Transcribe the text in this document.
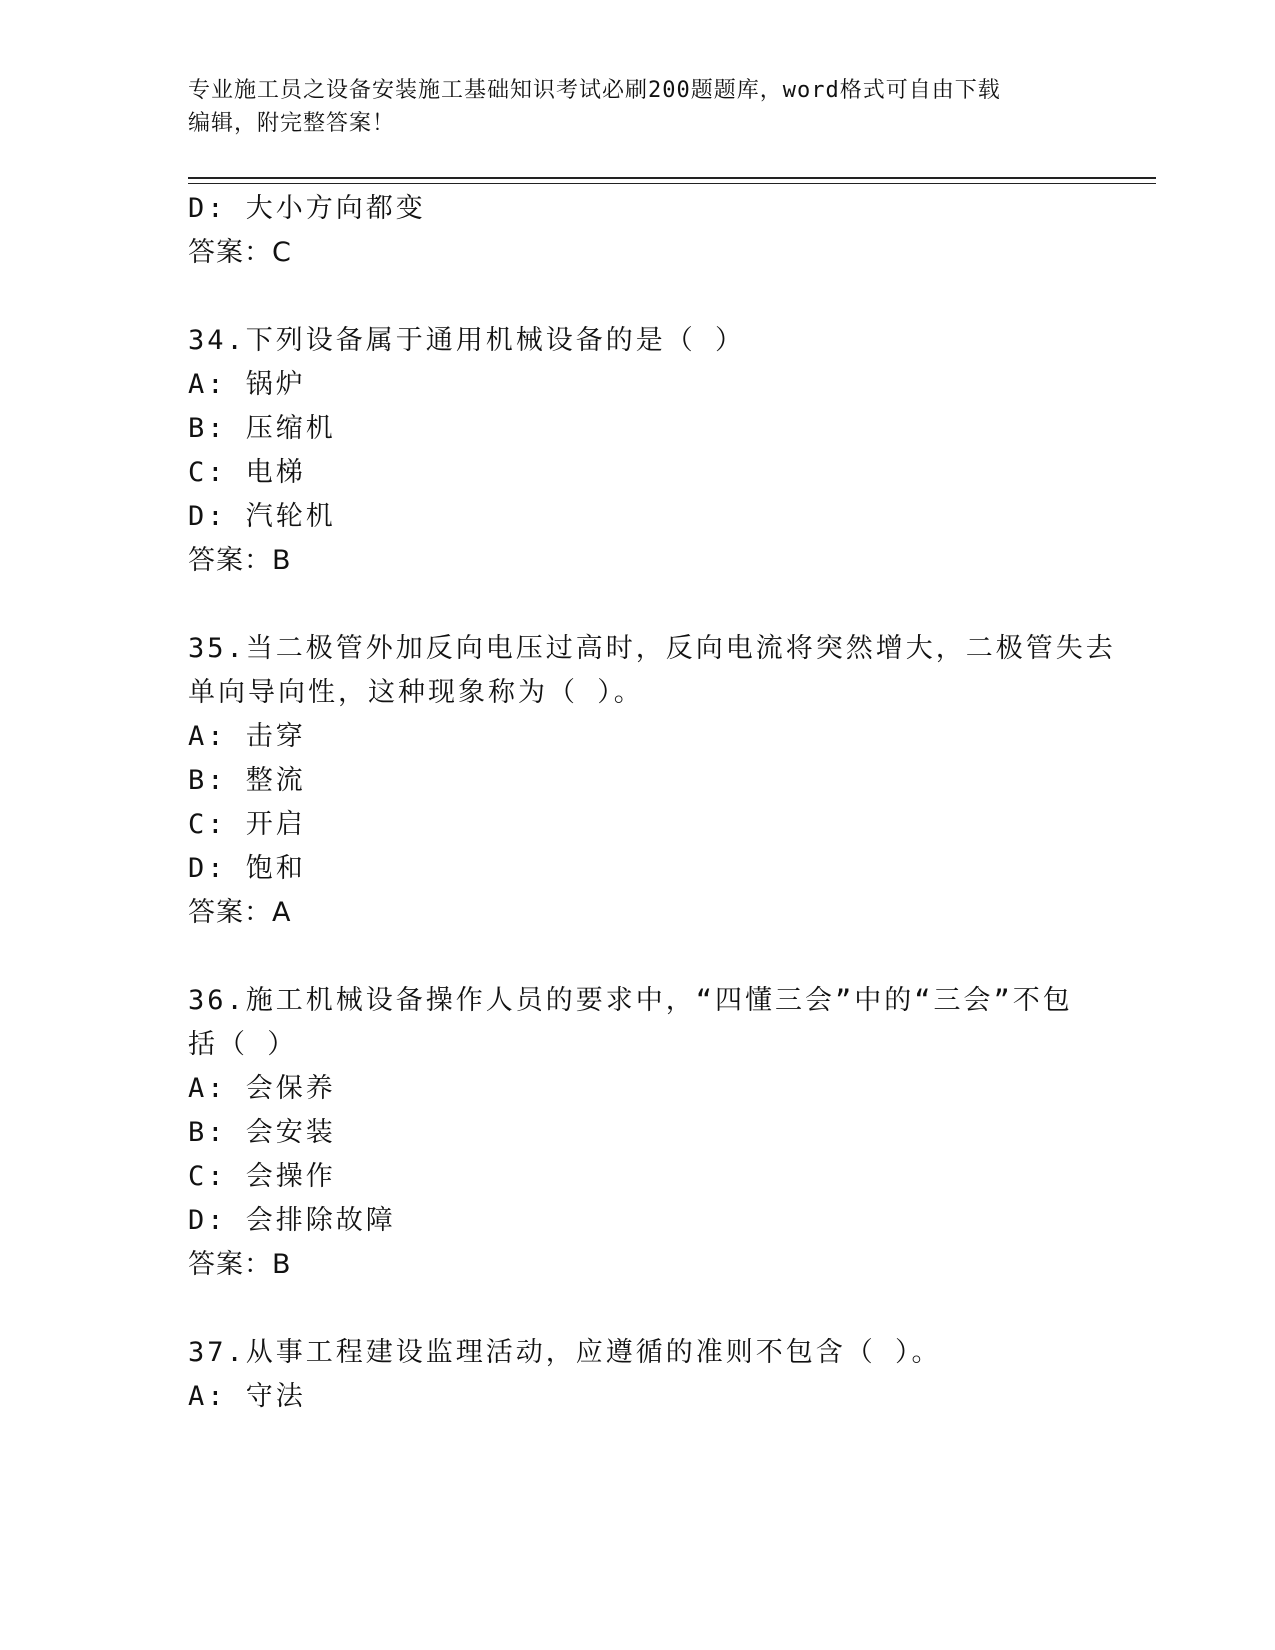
专业施工员之设备安装施工基础知识考试必刷200题题库，word格式可自由下载
编辑，附完整答案！
D: 大小方向都变
答案：C
34.下列设备属于通用机械设备的是（ ）
A: 锅炉
B: 压缩机
C: 电梯
D: 汽轮机
答案：B
35.当二极管外加反向电压过高时，反向电流将突然增大，二极管失去
单向导向性，这种现象称为（ ）。
A: 击穿
B: 整流
C: 开启
D: 饱和
答案：A
36.施工机械设备操作人员的要求中，“四懂三会”中的“三会”不包
括（ ）
A: 会保养
B: 会安装
C: 会操作
D: 会排除故障
答案：B
37.从事工程建设监理活动，应遵循的准则不包含（ ）。
A: 守法
